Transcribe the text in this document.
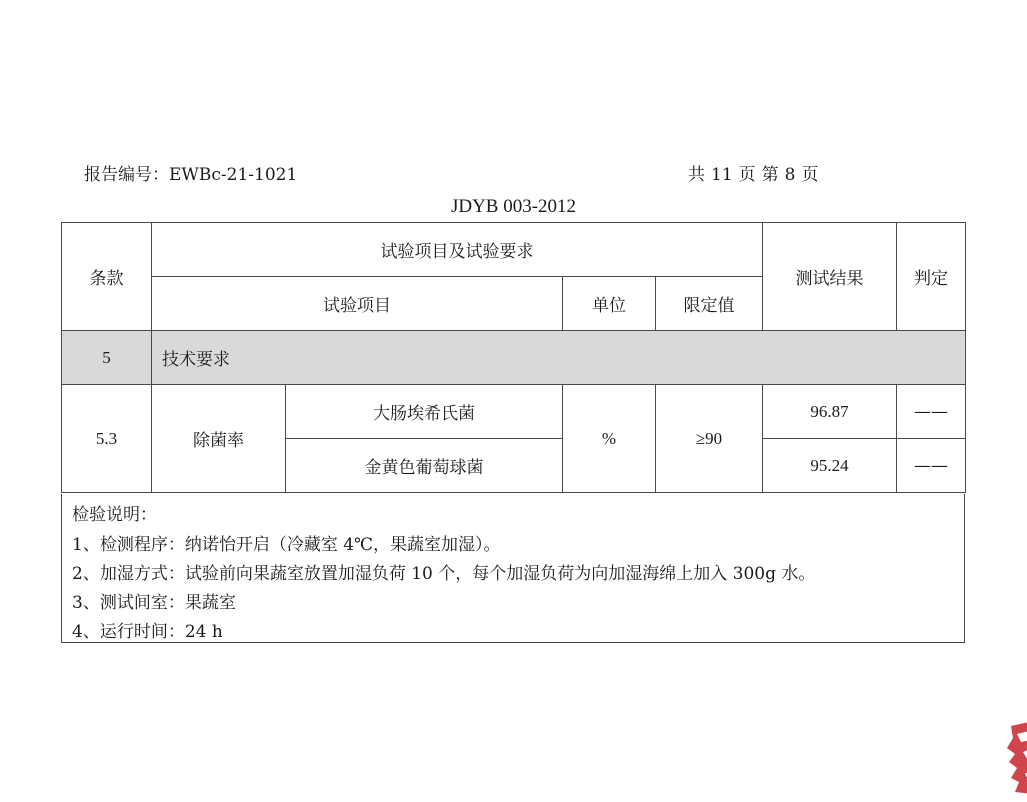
报告编号：EWBc-21-1021	共 11 页 第 8 页
JDYB 003-2012
条款	试验项目及试验要求				测试结果	判定
	试验项目		单位	限定值		
5	技术要求					
5.3	除菌率	大肠埃希氏菌	%	≥90	96.87	——
		金黄色葡萄球菌			95.24	——
检验说明：
1、检测程序：纳诺怡开启（冷藏室 4℃，果蔬室加湿）。
2、加湿方式：试验前向果蔬室放置加湿负荷 10 个，每个加湿负荷为向加湿海绵上加入 300g 水。
3、测试间室：果蔬室
4、运行时间：24 h
